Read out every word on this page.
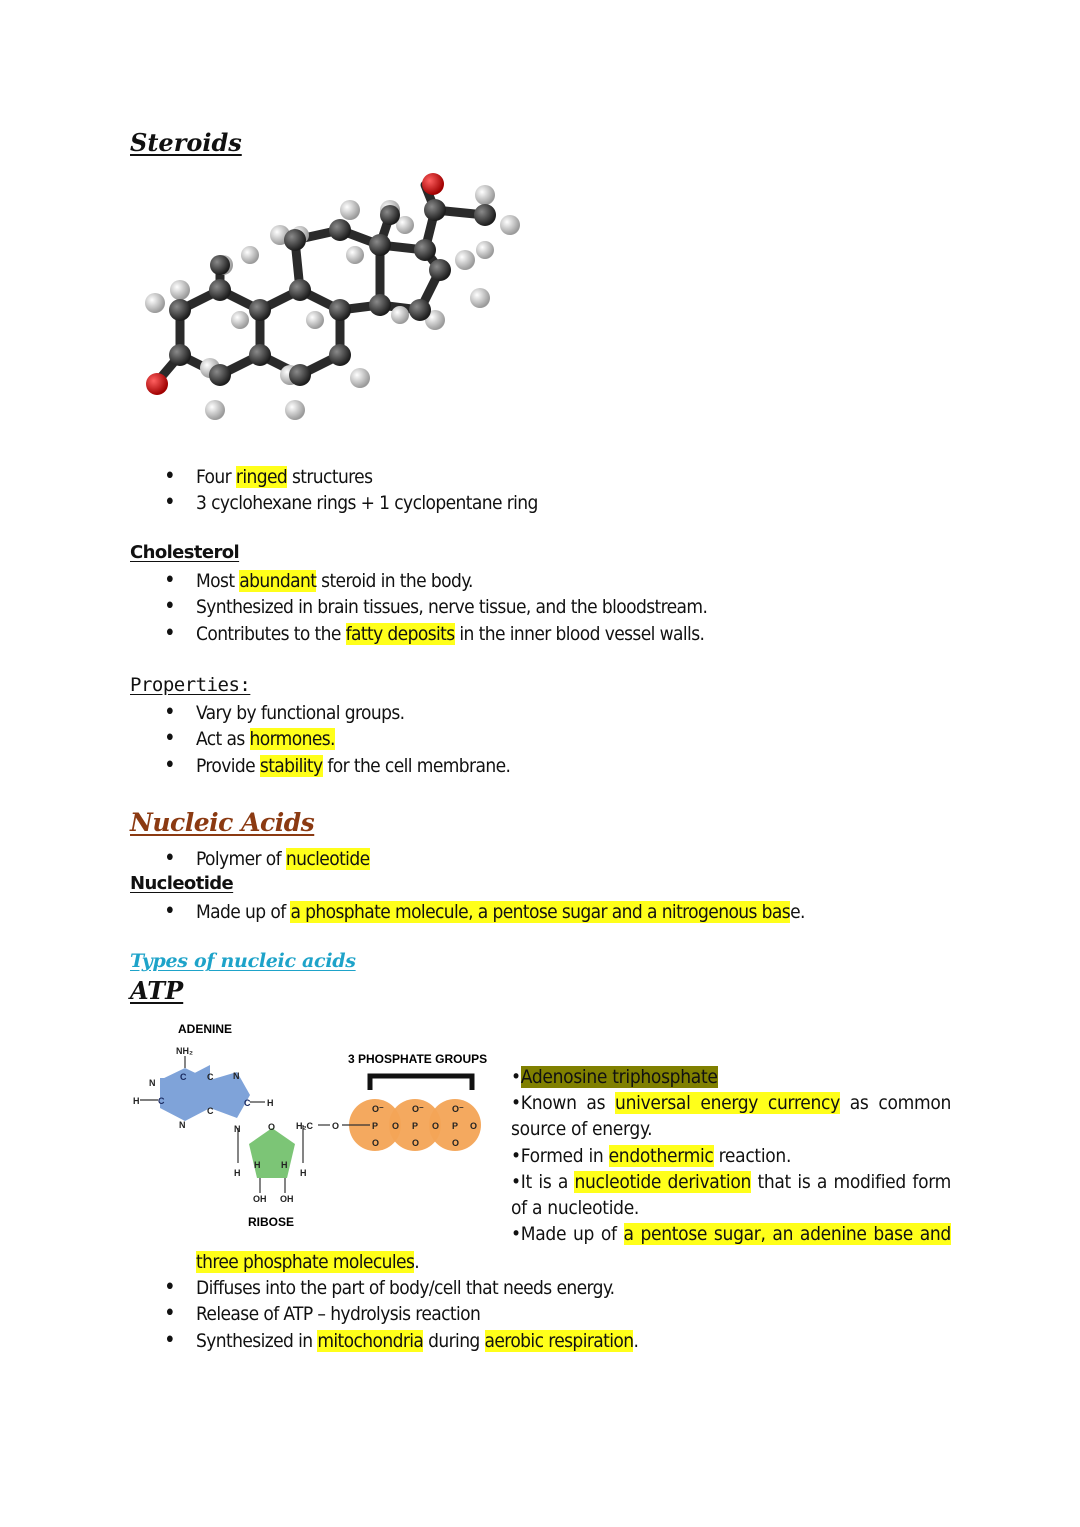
Steroids
• Four ringed structures
• 3 cyclohexane rings + 1 cyclopentane ring
Cholesterol
• Most abundant steroid in the body.
• Synthesized in brain tissues, nerve tissue, and the bloodstream.
• Contributes to the fatty deposits in the inner blood vessel walls.
Properties:
• Vary by functional groups.
• Act as hormones.
• Provide stability for the cell membrane.
Nucleic Acids
• Polymer of nucleotide
Nucleotide
• Made up of a phosphate molecule, a pentose sugar and a nitrogenous base.
Types of nucleic acids
ATP
ADENINE
3 PHOSPHATE GROUPS
RIBOSE
NH₂
N
C C N
C H
H C
C
N	N	O
H H
H	H
OH OH
H₂C O
O⁻	O⁻	O⁻
P O P O P O
O	O	O

•Adenosine triphosphate

•Known as universal energy currency as common source of energy.

•Formed in endothermic reaction.

•It is a nucleotide derivation that is a modified form of a nucleotide.

•Made up of a pentose sugar, an adenine base and

three phosphate molecules.
• Diffuses into the part of body/cell that needs energy.
• Release of ATP – hydrolysis reaction
• Synthesized in mitochondria during aerobic respiration.
